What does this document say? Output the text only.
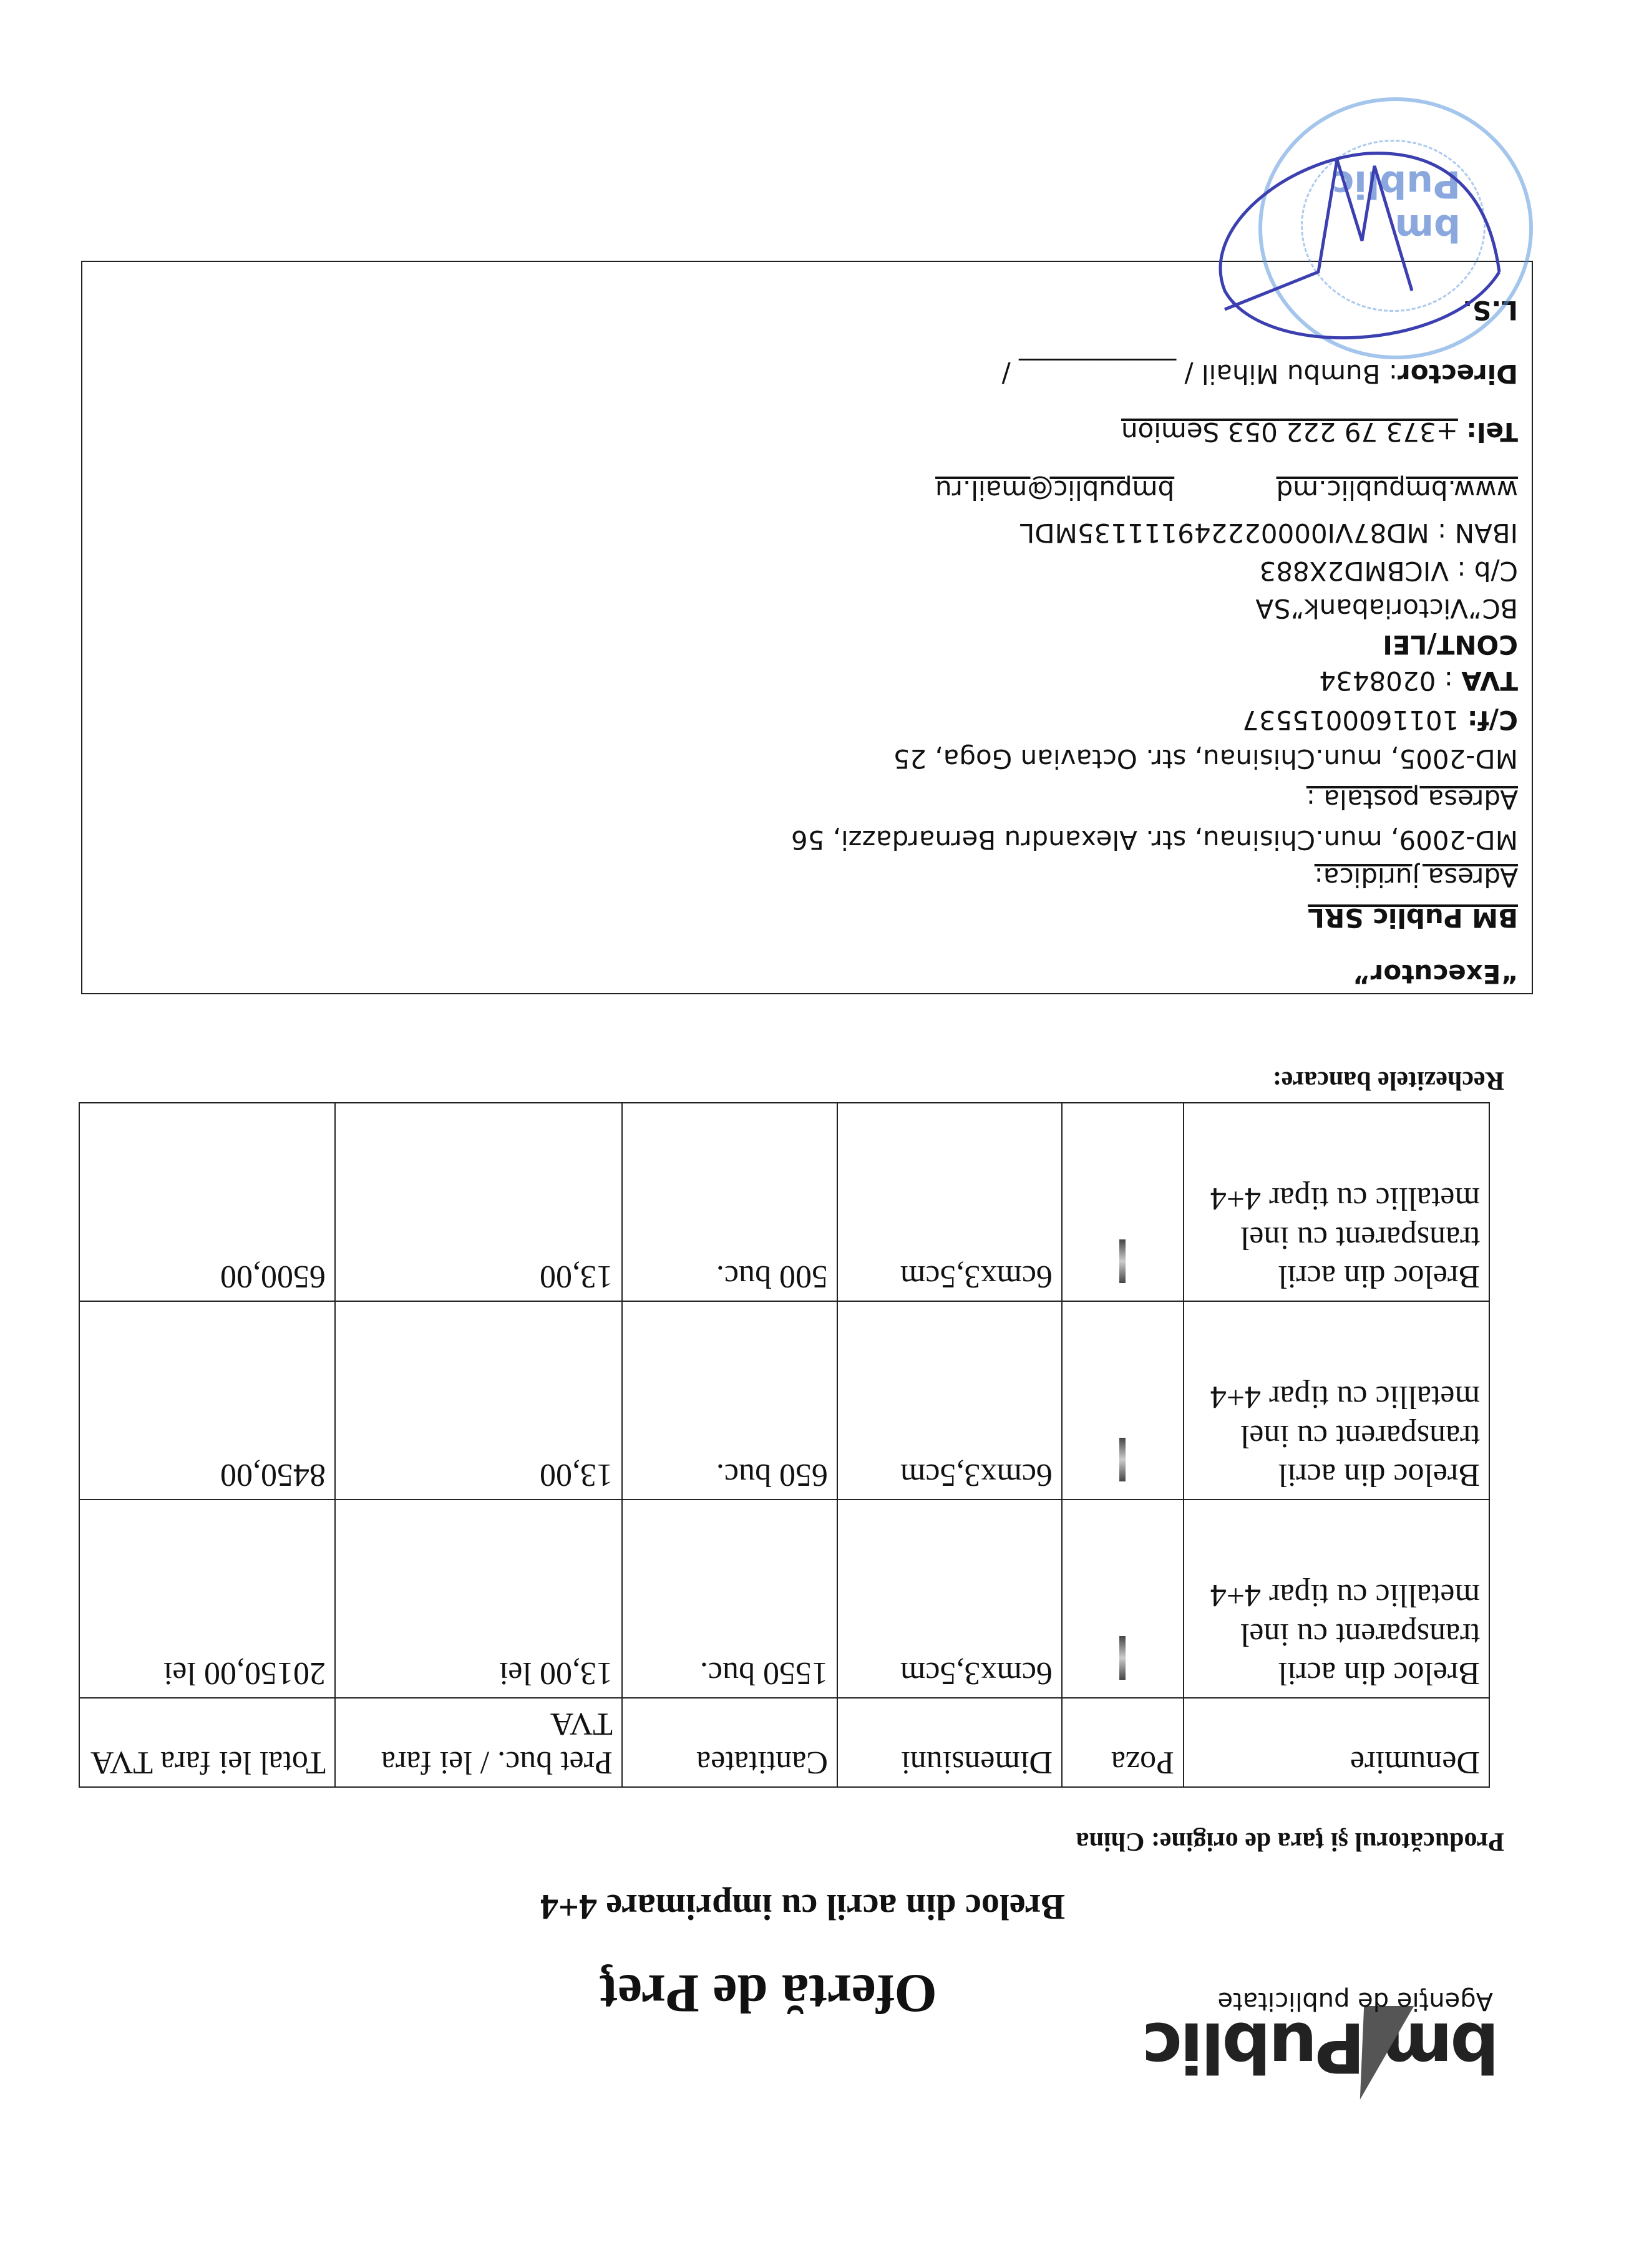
bm
Public
Agenţie de publicitate
Ofertă de Preţ
Breloc din acril cu imprimare 4+4
Producătorul şi ţara de origine: China
Denumire	Poza	Dimensiuni	Cantitatea	Pret buc. / lei fara TVA	Total lei fara TVA
Breloc din acril transparent cu inel metallic cu tipar 4+4		6cmx3,5cm	1550 buc.	13,00 lei	20150,00 lei
Breloc din acril transparent cu inel metallic cu tipar 4+4		6cmx3,5cm	650 buc.	13,00	8450,00
Breloc din acril transparent cu inel metallic cu tipar 4+4		6cmx3,5cm	500 buc.	13,00	6500,00
Rechezitele bancare:
“Executor”
BM Public SRL
Adresa juridica:
MD-2009, mun.Chisinau, str. Alexandru Bernardazzi, 56
Adresa postala :
MD-2005, mun.Chisinau, str. Octavian Goga, 25
C/f: 1011600015537
TVA : 0208434
CONT/LEI
BC”Victoriabank”SA
C/b : VICBMD2X883
IBAN : MD87VI000022249111135MDL
www.bmpublic.md bmpublic@mail.ru
Tel: +373 79 222 053 Semion
Director: Bumbu Mihail / ____________ /
L.S.
bm Public
